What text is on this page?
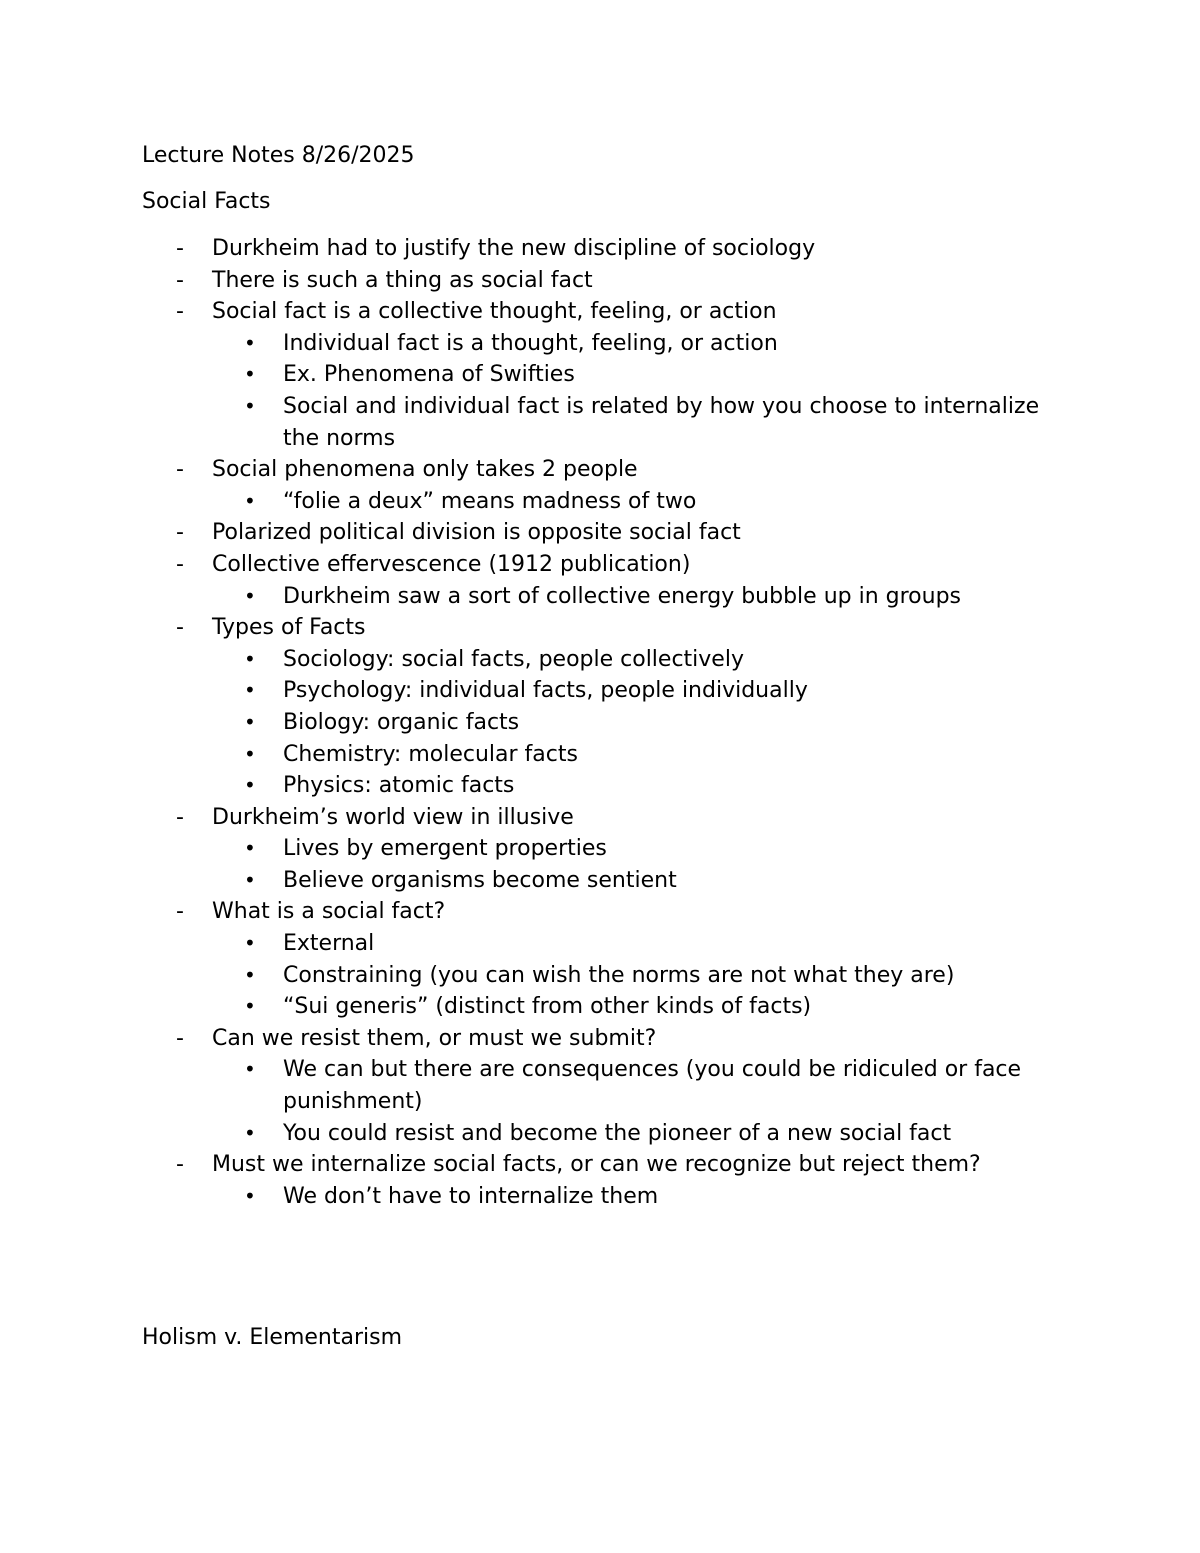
Lecture Notes 8/26/2025
Social Facts
- Durkheim had to justify the new discipline of sociology
- There is such a thing as social fact
- Social fact is a collective thought, feeling, or action
• Individual fact is a thought, feeling, or action
• Ex. Phenomena of Swifties
• Social and individual fact is related by how you choose to internalize the norms
- Social phenomena only takes 2 people
• “folie a deux” means madness of two
- Polarized political division is opposite social fact
- Collective effervescence (1912 publication)
• Durkheim saw a sort of collective energy bubble up in groups
- Types of Facts
• Sociology: social facts, people collectively
• Psychology: individual facts, people individually
• Biology: organic facts
• Chemistry: molecular facts
• Physics: atomic facts
- Durkheim’s world view in illusive
• Lives by emergent properties
• Believe organisms become sentient
- What is a social fact?
• External
• Constraining (you can wish the norms are not what they are)
• “Sui generis” (distinct from other kinds of facts)
- Can we resist them, or must we submit?
• We can but there are consequences (you could be ridiculed or face punishment)
• You could resist and become the pioneer of a new social fact
- Must we internalize social facts, or can we recognize but reject them?
• We don’t have to internalize them
Holism v. Elementarism
